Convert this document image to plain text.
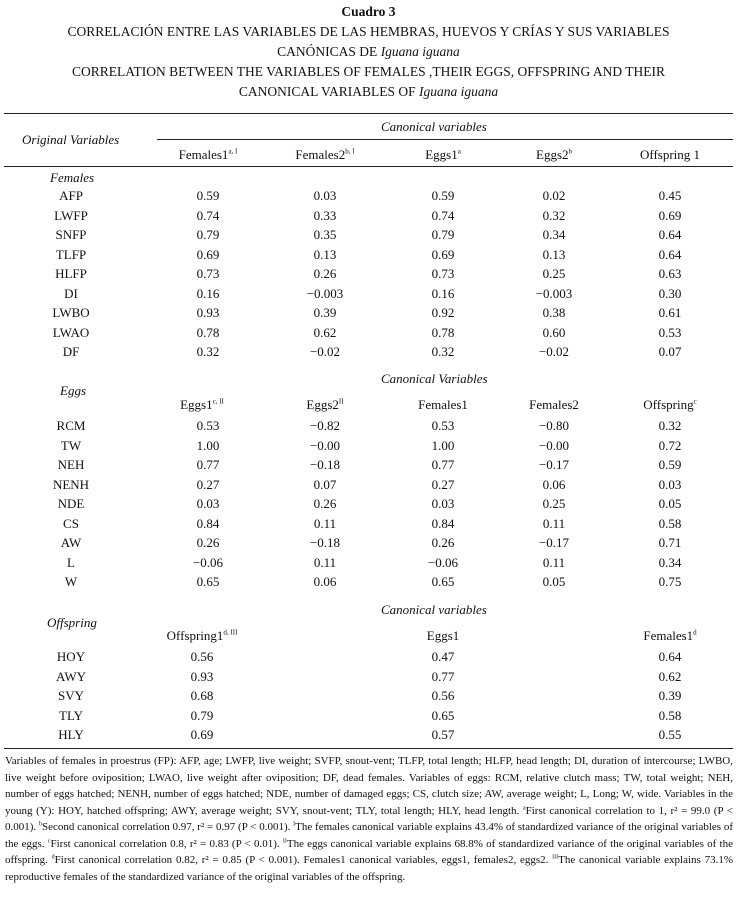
Cuadro 3
CORRELACIÓN ENTRE LAS VARIABLES DE LAS HEMBRAS, HUEVOS Y CRÍAS Y SUS VARIABLES
CANÓNICAS DE Iguana iguana
CORRELATION BETWEEN THE VARIABLES OF FEMALES ,THEIR EGGS, OFFSPRING AND THEIR
CANONICAL VARIABLES OF Iguana iguana
Original Variables
Canonical variables
$Females1^{a, I}$	$Females2^{b, I}$	Eggs1$^a$	Eggs2$^b$	Offspring 1
Females
AFP	0.59	0.03	0.59	0.02	0.45
LWFP	0.74	0.33	0.74	0.32	0.69
SNFP	0.79	0.35	0.79	0.34	0.64
TLFP	0.69	0.13	0.69	0.13	0.64
HLFP	0.73	0.26	0.73	0.25	0.63
DI	0.16	−0.003	0.16	−0.003	0.30
LWBO	0.93	0.39	0.92	0.38	0.61
LWAO	0.78	0.62	0.78	0.60	0.53
DF	0.32	−0.02	0.32	−0.02	0.07
Canonical Variables
Eggs
$Eggs1^{c, II}$	$Eggs2^{II}$	Females1	Females2	Offspring$^c$
RCM	0.53	−0.82	0.53	−0.80	0.32
TW	1.00	−0.00	1.00	−0.00	0.72
NEH	0.77	−0.18	0.77	−0.17	0.59
NENH	0.27	0.07	0.27	0.06	0.03
NDE	0.03	0.26	0.03	0.25	0.05
CS	0.84	0.11	0.84	0.11	0.58
AW	0.26	−0.18	0.26	−0.17	0.71
L	−0.06	0.11	−0.06	0.11	0.34
W	0.65	0.06	0.65	0.05	0.75
Canonical variables
Offspring
$Offspring1^{d, III}$	Eggs1	Females1$^d$
HOY	0.56	0.47	0.64
AWY	0.93	0.77	0.62
SVY	0.68	0.56	0.39
TLY	0.79	0.65	0.58
HLY	0.69	0.57	0.55
Variables of females in proestrus (FP): AFP, age; LWFP, live weight; SVFP, snout-vent; TLFP, total length; HLFP, head length; DI, duration of intercourse; LWBO, live weight before oviposition; LWAO, live weight after oviposition; DF, dead females. Variables of eggs: RCM, relative clutch mass; TW, total weight; NEH, number of eggs hatched; NENH, number of eggs hatched; NDE, number of damaged eggs; CS, clutch size; AW, average weight; L, Long; W, wide. Variables in the young (Y): HOY, hatched offspring; AWY, average weight; SVY, snout-vent; TLY, total length; HLY, head length. $^a$First canonical correlation to 1, r² = 99.0 (P < 0.001). $^b$Second canonical correlation 0.97, r² = 0.97 (P < 0.001). $^I$The females canonical variable explains 43.4% of standardized variance of the original variables of the eggs. $^c$First canonical correlation 0.8, r² = 0.83 (P < 0.01). $^{II}$The eggs canonical variable explains 68.8% of standardized variance of the original variables of the offspring. $^d$First canonical correlation 0.82, r² = 0.85 (P < 0.001). Females1 canonical variables, eggs1, females2, eggs2. $^{III}$The canonical variable explains 73.1% reproductive females of the standardized variance of the original variables of the offspring.
